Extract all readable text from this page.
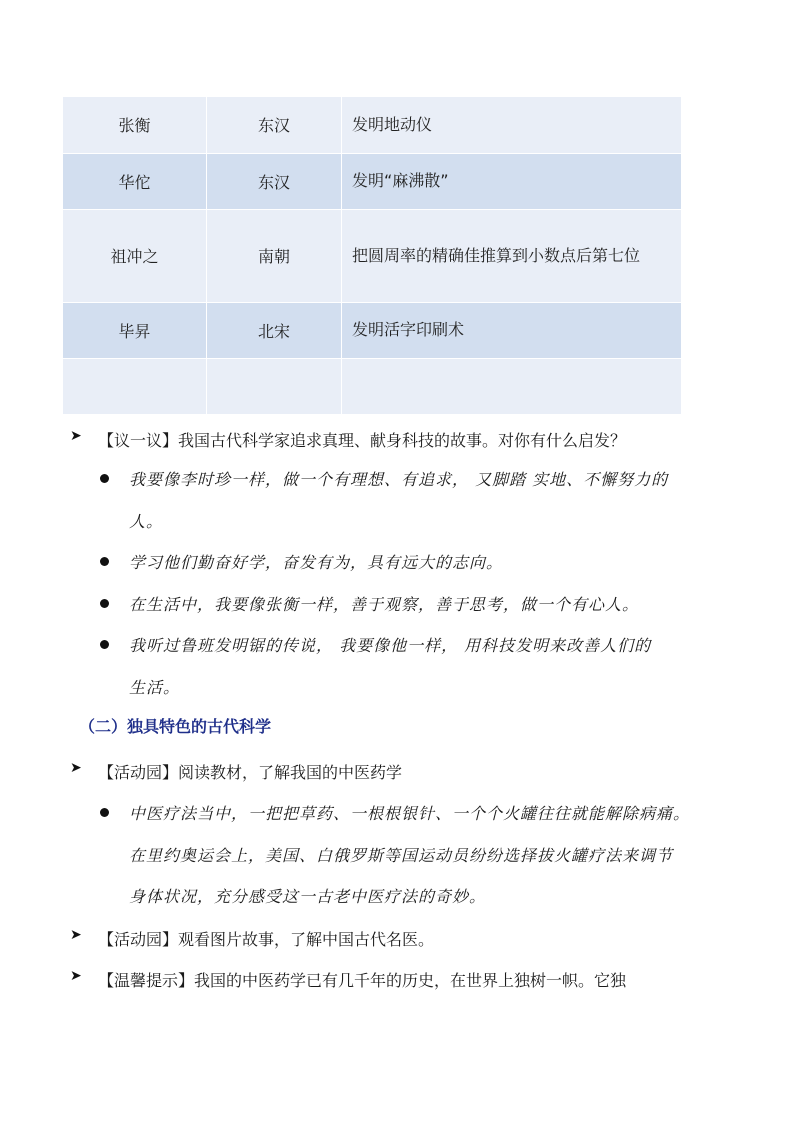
张衡	东汉	发明地动仪
华佗	东汉	发明“麻沸散”
祖冲之	南朝	把圆周率的精确佳推算到小数点后第七位
毕昇	北宋	发明活字印刷术

➤ 【议一议】我国古代科学家追求真理、献身科技的故事。对你有什么启发？
我要像李时珍一样，做一个有理想、有追求， 又脚踏 实地、不懈努力的
人。
学习他们勤奋好学，奋发有为，具有远大的志向。
在生活中，我要像张衡一样，善于观察，善于思考，做一个有心人。
我听过鲁班发明锯的传说， 我要像他一样， 用科技发明来改善人们的
生活。
（二）独具特色的古代科学
➤ 【活动园】阅读教材，了解我国的中医药学
中医疗法当中，一把把草药、一根根银针、一个个火罐往往就能解除病痛。
在里约奥运会上，美国、白俄罗斯等国运动员纷纷选择拔火罐疗法来调节
身体状况，充分感受这一古老中医疗法的奇妙。
➤ 【活动园】观看图片故事，了解中国古代名医。
➤ 【温馨提示】我国的中医药学已有几千年的历史，在世界上独树一帜。它独
